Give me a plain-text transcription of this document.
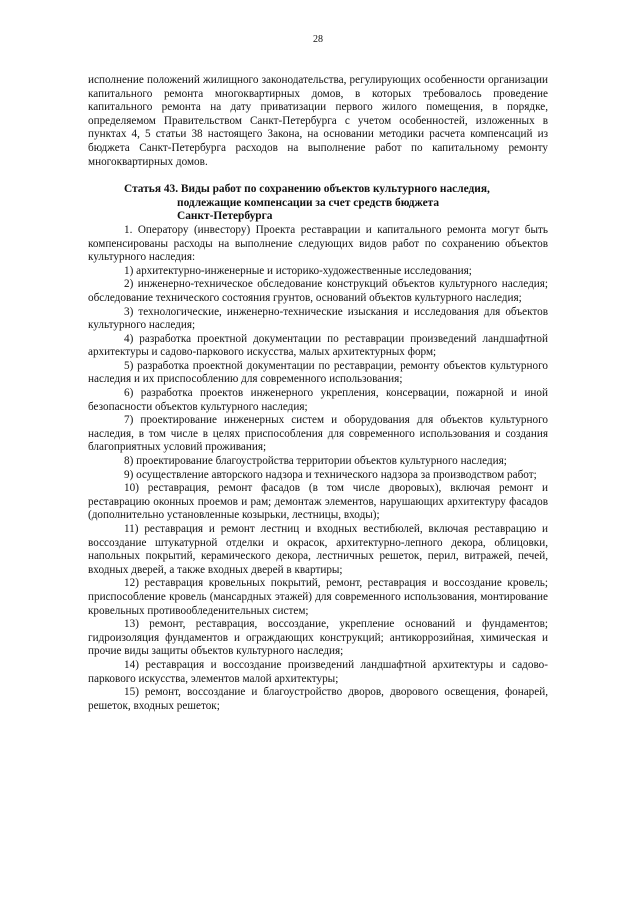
28

исполнение положений жилищного законодательства, регулирующих особенности организации капитального ремонта многоквартирных домов, в которых требовалось проведение капитального ремонта на дату приватизации первого жилого помещения, в порядке, определяемом Правительством Санкт-Петербурга с учетом особенностей, изложенных в пунктах 4, 5 статьи 38 настоящего Закона, на основании методики расчета компенсаций из бюджета Санкт-Петербурга расходов на выполнение работ по капитальному ремонту многоквартирных домов.

Статья 43. Виды работ по сохранению объектов культурного наследия,
подлежащие компенсации за счет средств бюджета
Санкт-Петербурга

1. Оператору (инвестору) Проекта реставрации и капитального ремонта могут быть компенсированы расходы на выполнение следующих видов работ по сохранению объектов культурного наследия:

1) архитектурно-инженерные и историко-художественные исследования;

2) инженерно-техническое обследование конструкций объектов культурного наследия; обследование технического состояния грунтов, оснований объектов культурного наследия;

3) технологические, инженерно-технические изыскания и исследования для объектов культурного наследия;

4) разработка проектной документации по реставрации произведений ландшафтной архитектуры и садово-паркового искусства, малых архитектурных форм;

5) разработка проектной документации по реставрации, ремонту объектов культурного наследия и их приспособлению для современного использования;

6) разработка проектов инженерного укрепления, консервации, пожарной и иной безопасности объектов культурного наследия;

7) проектирование инженерных систем и оборудования для объектов культурного наследия, в том числе в целях приспособления для современного использования и создания благоприятных условий проживания;

8) проектирование благоустройства территории объектов культурного наследия;

9) осуществление авторского надзора и технического надзора за производством работ;

10) реставрация, ремонт фасадов (в том числе дворовых), включая ремонт и реставрацию оконных проемов и рам; демонтаж элементов, нарушающих архитектуру фасадов (дополнительно установленные козырьки, лестницы, входы);

11) реставрация и ремонт лестниц и входных вестибюлей, включая реставрацию и воссоздание штукатурной отделки и окрасок, архитектурно-лепного декора, облицовки, напольных покрытий, керамического декора, лестничных решеток, перил, витражей, печей, входных дверей, а также входных дверей в квартиры;

12) реставрация кровельных покрытий, ремонт, реставрация и воссоздание кровель; приспособление кровель (мансардных этажей) для современного использования, монтирование кровельных противообледенительных систем;

13) ремонт, реставрация, воссоздание, укрепление оснований и фундаментов; гидроизоляция фундаментов и ограждающих конструкций; антикоррозийная, химическая и прочие виды защиты объектов культурного наследия;

14) реставрация и воссоздание произведений ландшафтной архитектуры и садово-паркового искусства, элементов малой архитектуры;

15) ремонт, воссоздание и благоустройство дворов, дворового освещения, фонарей, решеток, входных решеток;
